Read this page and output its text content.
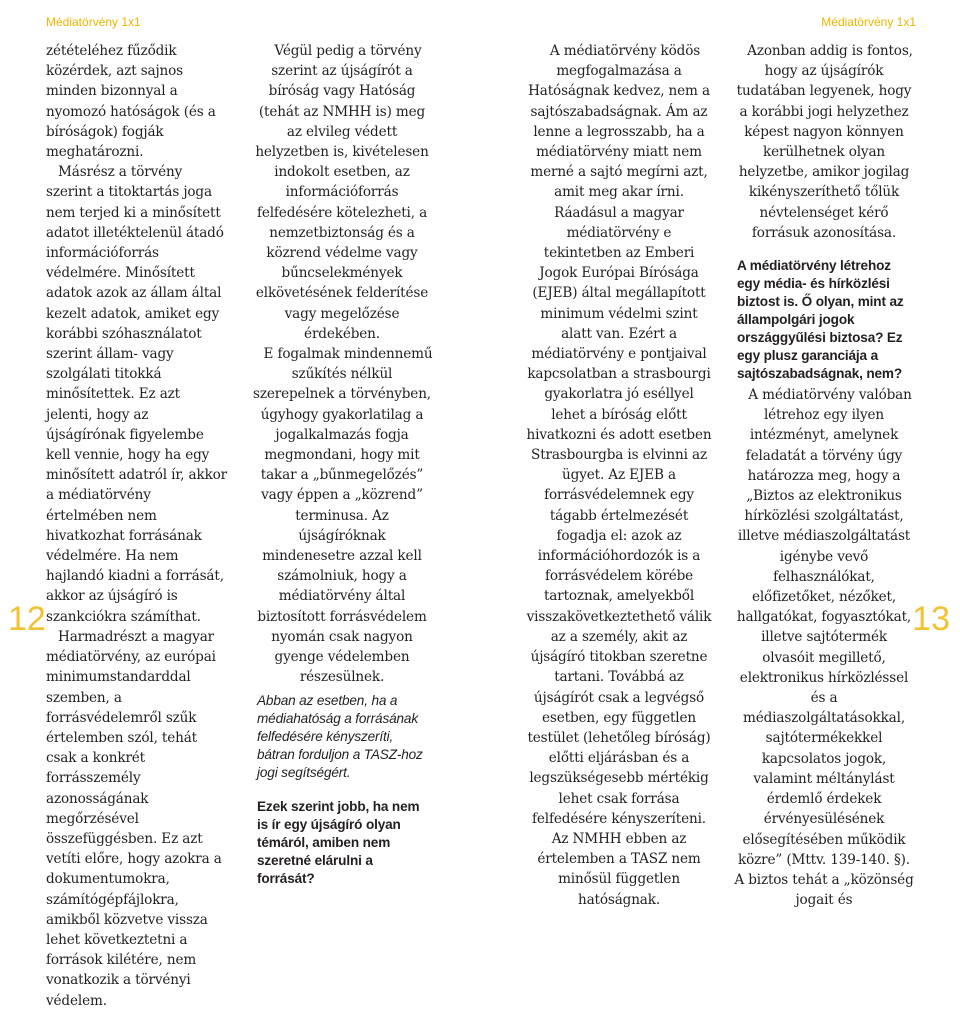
Médiatörvény 1x1	Médiatörvény 1x1

zétételéhez fűződik közérdek, azt sajnos minden bizonnyal a nyomozó hatóságok (és a bíróságok) fogják meghatározni.

Másrész a törvény szerint a titoktartás joga nem terjed ki a minősített adatot illetéktelenül átadó információforrás védelmére. Minősített adatok azok az állam által kezelt adatok, amiket egy korábbi szóhasználatot szerint állam- vagy szolgálati titokká minősítettek. Ez azt jelenti, hogy az újságírónak figyelembe kell vennie, hogy ha egy minősített adatról ír, akkor a médiatörvény értelmében nem hivatkozhat forrásának védelmére. Ha nem hajlandó kiadni a forrását, akkor az újságíró is szankciókra számíthat.

Harmadrészt a magyar médiatörvény, az európai minimumstandarddal szemben, a forrásvédelemről szűk értelemben szól, tehát csak a konkrét forrásszemély azonosságának megőrzésével összefüggésben. Ez azt vetíti előre, hogy azokra a dokumentumokra, számítógépfájlokra, amikből közvetve vissza lehet következtetni a források kilétére, nem vonatkozik a törvényi védelem.

Végül pedig a törvény szerint az újságírót a bíróság vagy Hatóság (tehát az NMHH is) meg az elvileg védett helyzetben is, kivételesen indokolt esetben, az információforrás felfedésére kötelezheti, a nemzetbiztonság és a közrend védelme vagy bűncselekmények elkövetésének felderítése vagy megelőzése érdekében.

E fogalmak mindennemű szűkítés nélkül szerepelnek a törvényben, úgyhogy gyakorlatilag a jogalkalmazás fogja megmondani, hogy mit takar a „bűnmegelőzés” vagy éppen a „közrend” terminusa. Az újságíróknak mindenesetre azzal kell számolniuk, hogy a médiatörvény által biztosított forrásvédelem nyomán csak nagyon gyenge védelemben részesülnek.

Abban az esetben, ha a médiahatóság a forrásának felfedésére kényszeríti, bátran forduljon a TASZ-hoz jogi segítségért.

Ezek szerint jobb, ha nem is ír egy újságíró olyan témáról, amiben nem szeretné elárulni a forrását?

A médiatörvény ködös megfogalmazása a Hatóságnak kedvez, nem a sajtószabadságnak. Ám az lenne a legrosszabb, ha a médiatörvény miatt nem merné a sajtó megírni azt, amit meg akar írni. Ráadásul a magyar médiatörvény e tekintetben az Emberi Jogok Európai Bírósága (EJEB) által megállapított minimum védelmi szint alatt van. Ezért a médiatörvény e pontjaival kapcsolatban a strasbourgi gyakorlatra jó eséllyel lehet a bíróság előtt hivatkozni és adott esetben Strasbourgba is elvinni az ügyet. Az EJEB a forrásvédelemnek egy tágabb értelmezését fogadja el: azok az információhordozók is a forrásvédelem körébe tartoznak, amelyekből visszakövetkeztethető válik az a személy, akit az újságíró titokban szeretne tartani. Továbbá az újságírót csak a legvégső esetben, egy független testület (lehetőleg bíróság) előtti eljárásban és a legszükségesebb mértékig lehet csak forrása felfedésére kényszeríteni. Az NMHH ebben az értelemben a TASZ nem minősül független hatóságnak.

Azonban addig is fontos, hogy az újságírók tudatában legyenek, hogy a korábbi jogi helyzethez képest nagyon könnyen kerülhetnek olyan helyzetbe, amikor jogilag kikényszeríthető tőlük névtelenséget kérő forrásuk azonosítása.

A médiatörvény létrehoz egy média- és hírközlési biztost is. Ő olyan, mint az állampolgári jogok országgyűlési biztosa? Ez egy plusz garanciája a sajtószabadságnak, nem?

A médiatörvény valóban létrehoz egy ilyen intézményt, amelynek feladatát a törvény úgy határozza meg, hogy a „Biztos az elektronikus hírközlési szolgáltatást, illetve médiaszolgáltatást igénybe vevő felhasználókat, előfizetőket, nézőket, hallgatókat, fogyasztókat, illetve sajtótermék olvasóit megillető, elektronikus hírközléssel és a médiaszolgáltatásokkal, sajtótermékekkel kapcsolatos jogok, valamint méltánylást érdemlő érdekek érvényesülésének elősegítésében működik közre” (Mttv. 139-140. §). A biztos tehát a „közönség jogait és

12	13
